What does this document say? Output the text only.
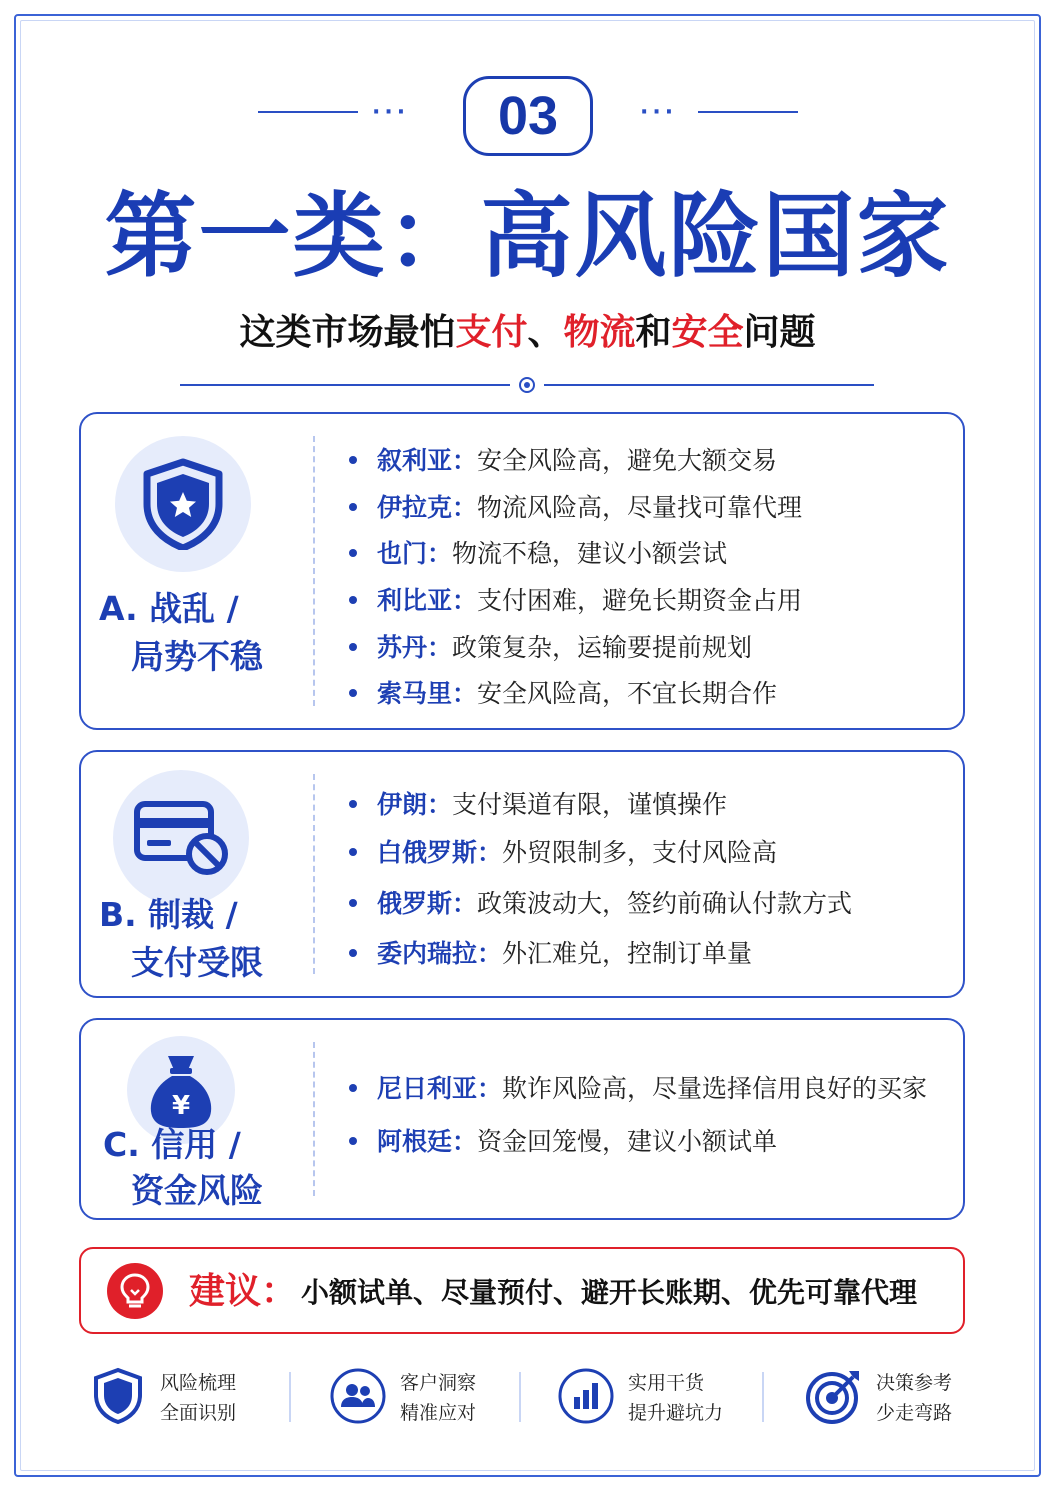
···	···
03
第一类：高风险国家
这类市场最怕支付、物流和安全问题
A. 战乱 /
局势不稳
叙利亚：安全风险高，避免大额交易
伊拉克：物流风险高，尽量找可靠代理
也门：物流不稳，建议小额尝试
利比亚：支付困难，避免长期资金占用
苏丹：政策复杂，运输要提前规划
索马里：安全风险高，不宜长期合作
B. 制裁 /
支付受限
伊朗：支付渠道有限，谨慎操作
白俄罗斯：外贸限制多，支付风险高
俄罗斯：政策波动大，签约前确认付款方式
委内瑞拉：外汇难兑，控制订单量
¥
C. 信用 /
资金风险
尼日利亚：欺诈风险高，尽量选择信用良好的买家
阿根廷：资金回笼慢，建议小额试单
建议： 小额试单、尽量预付、避开长账期、优先可靠代理
风险梳理
全面识别
客户洞察
精准应对
实用干货
提升避坑力
决策参考
少走弯路
